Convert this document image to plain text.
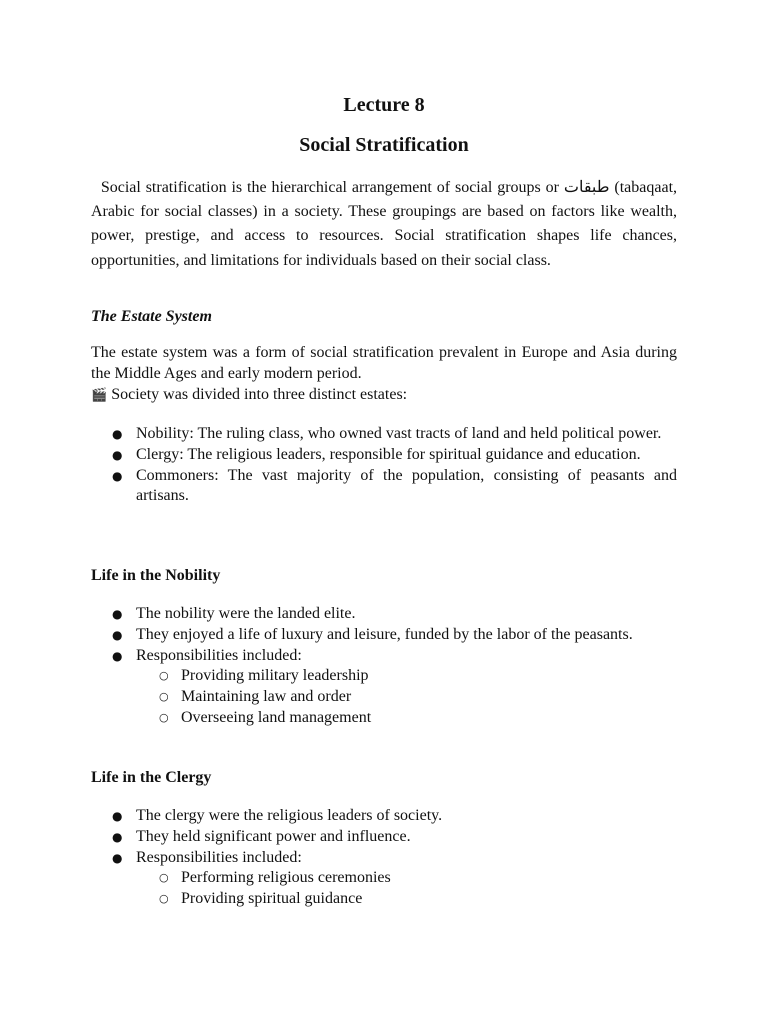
Lecture 8
Social Stratification

Social stratification is the hierarchical arrangement of social groups or طبقات (tabaqaat, Arabic for social classes) in a society. These groupings are based on factors like wealth, power, prestige, and access to resources. Social stratification shapes life chances, opportunities, and limitations for individuals based on their social class.

The Estate System

The estate system was a form of social stratification prevalent in Europe and Asia during the Middle Ages and early modern period.
🎬 Society was divided into three distinct estates:

● Nobility: The ruling class, who owned vast tracts of land and held political power.
● Clergy: The religious leaders, responsible for spiritual guidance and education.
● Commoners: The vast majority of the population, consisting of peasants and artisans.

Life in the Nobility

● The nobility were the landed elite.
● They enjoyed a life of luxury and leisure, funded by the labor of the peasants.
● Responsibilities included:
○ Providing military leadership
○ Maintaining law and order
○ Overseeing land management

Life in the Clergy

● The clergy were the religious leaders of society.
● They held significant power and influence.
● Responsibilities included:
○ Performing religious ceremonies
○ Providing spiritual guidance
